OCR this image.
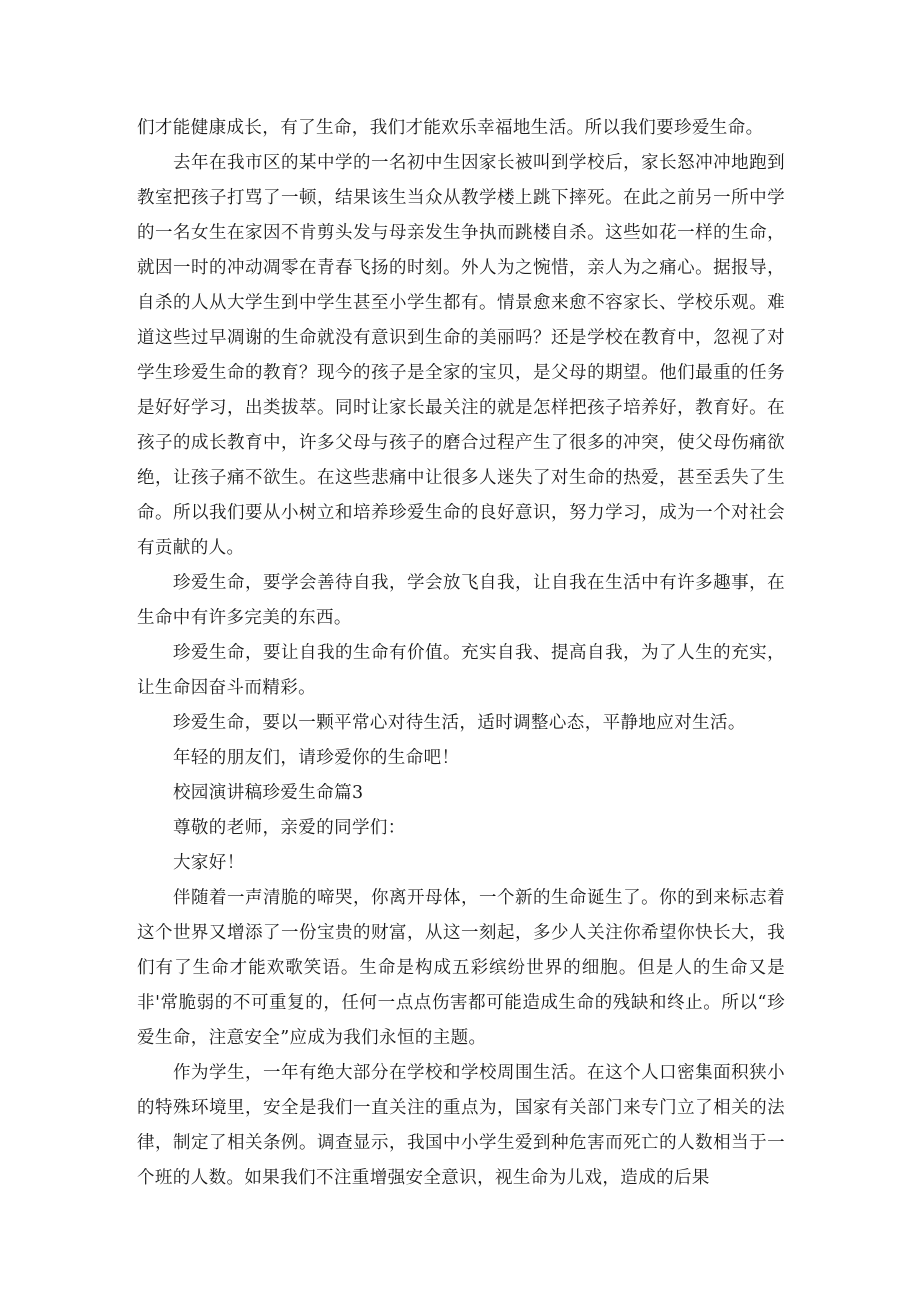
们才能健康成长，有了生命，我们才能欢乐幸福地生活。所以我们要珍爱生命。

去年在我市区的某中学的一名初中生因家长被叫到学校后，家长怒冲冲地跑到教室把孩子打骂了一顿，结果该生当众从教学楼上跳下摔死。在此之前另一所中学的一名女生在家因不肯剪头发与母亲发生争执而跳楼自杀。这些如花一样的生命，就因一时的冲动凋零在青春飞扬的时刻。外人为之惋惜，亲人为之痛心。据报导，自杀的人从大学生到中学生甚至小学生都有。情景愈来愈不容家长、学校乐观。难道这些过早凋谢的生命就没有意识到生命的美丽吗？还是学校在教育中，忽视了对学生珍爱生命的教育？现今的孩子是全家的宝贝，是父母的期望。他们最重的任务是好好学习，出类拔萃。同时让家长最关注的就是怎样把孩子培养好，教育好。在孩子的成长教育中，许多父母与孩子的磨合过程产生了很多的冲突，使父母伤痛欲绝，让孩子痛不欲生。在这些悲痛中让很多人迷失了对生命的热爱，甚至丢失了生命。所以我们要从小树立和培养珍爱生命的良好意识，努力学习，成为一个对社会有贡献的人。

珍爱生命，要学会善待自我，学会放飞自我，让自我在生活中有许多趣事，在生命中有许多完美的东西。

珍爱生命，要让自我的生命有价值。充实自我、提高自我，为了人生的充实，让生命因奋斗而精彩。

珍爱生命，要以一颗平常心对待生活，适时调整心态，平静地应对生活。

年轻的朋友们，请珍爱你的生命吧！

校园演讲稿珍爱生命篇3

尊敬的老师，亲爱的同学们：

大家好！

伴随着一声清脆的啼哭，你离开母体，一个新的生命诞生了。你的到来标志着这个世界又增添了一份宝贵的财富，从这一刻起，多少人关注你希望你快长大，我们有了生命才能欢歌笑语。生命是构成五彩缤纷世界的细胞。但是人的生命又是非'常脆弱的不可重复的，任何一点点伤害都可能造成生命的残缺和终止。所以“珍爱生命，注意安全”应成为我们永恒的主题。

作为学生，一年有绝大部分在学校和学校周围生活。在这个人口密集面积狭小的特殊环境里，安全是我们一直关注的重点为，国家有关部门来专门立了相关的法律，制定了相关条例。调查显示，我国中小学生爱到种危害而死亡的人数相当于一个班的人数。如果我们不注重增强安全意识，视生命为儿戏，造成的后果
